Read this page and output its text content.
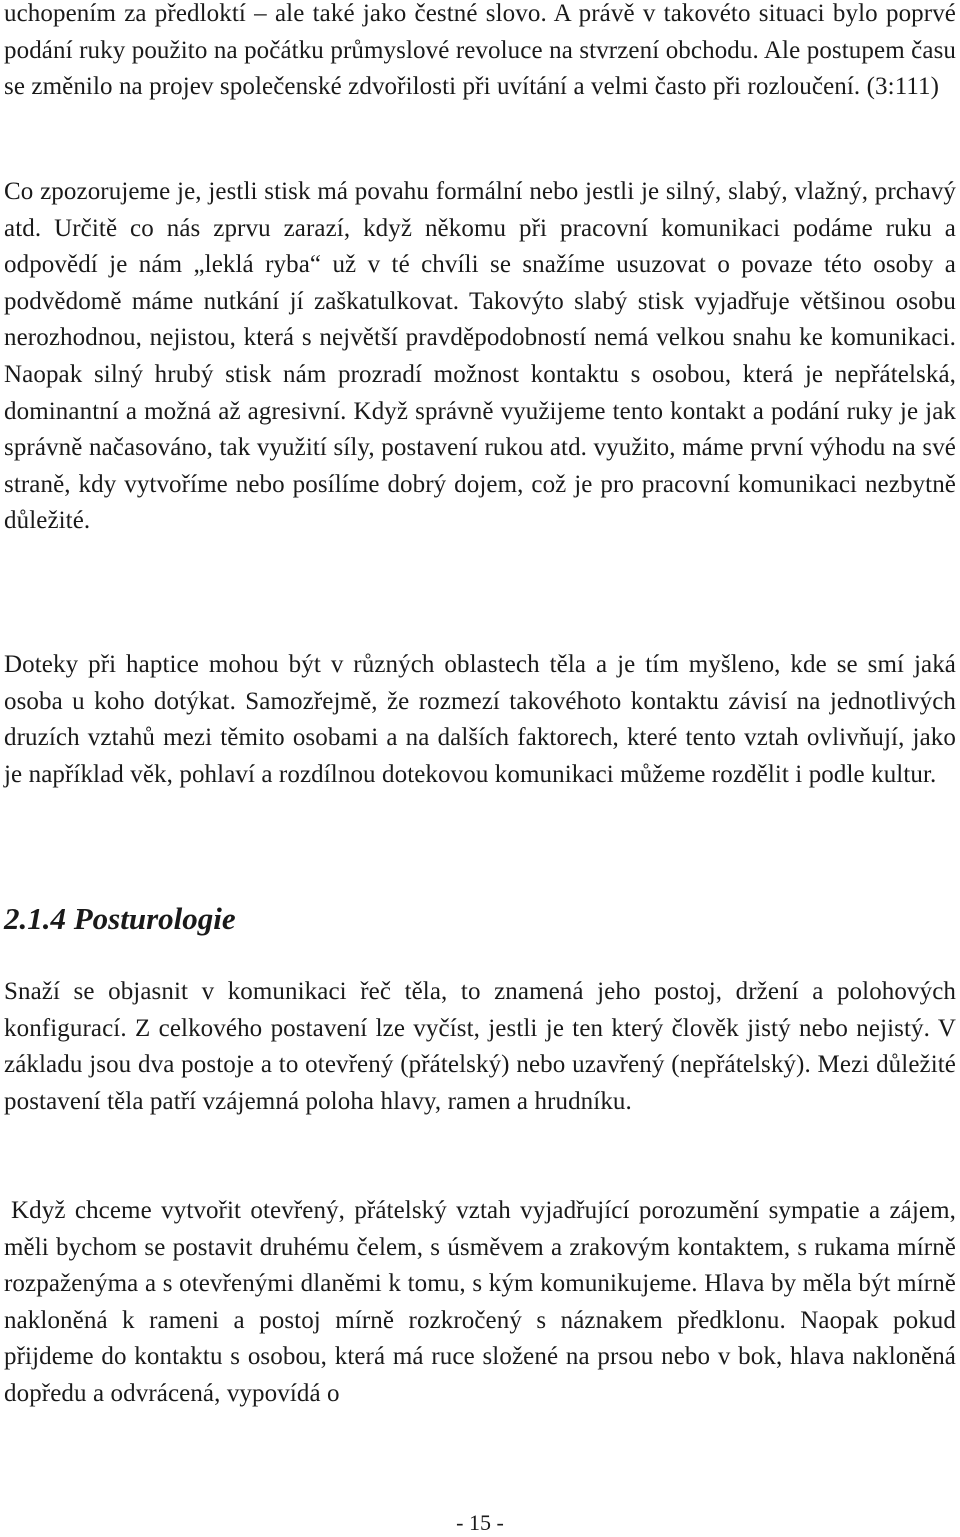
uchopením za předloktí – ale také jako čestné slovo. A právě v takovéto situaci bylo poprvé podání ruky použito na počátku průmyslové revoluce na stvrzení obchodu. Ale postupem času se změnilo na projev společenské zdvořilosti při uvítání a velmi často při rozloučení. (3:111)

Co zpozorujeme je, jestli stisk má povahu formální nebo jestli je silný, slabý, vlažný, prchavý atd. Určitě co nás zprvu zarazí, když někomu při pracovní komunikaci podáme ruku a odpovědí je nám „leklá ryba“ už v té chvíli se snažíme usuzovat o povaze této osoby a podvědomě máme nutkání jí zaškatulkovat. Takovýto slabý stisk vyjadřuje většinou osobu nerozhodnou, nejistou, která s největší pravděpodobností nemá velkou snahu ke komunikaci. Naopak silný hrubý stisk nám prozradí možnost kontaktu s osobou, která je nepřátelská, dominantní a možná až agresivní. Když správně využijeme tento kontakt a podání ruky je jak správně načasováno, tak využití síly, postavení rukou atd. využito, máme první výhodu na své straně, kdy vytvoříme nebo posílíme dobrý dojem, což je pro pracovní komunikaci nezbytně důležité.

Doteky při haptice mohou být v různých oblastech těla a je tím myšleno, kde se smí jaká osoba u koho dotýkat. Samozřejmě, že rozmezí takovéhoto kontaktu závisí na jednotlivých druzích vztahů mezi těmito osobami a na dalších faktorech, které tento vztah ovlivňují, jako je například věk, pohlaví a rozdílnou dotekovou komunikaci můžeme rozdělit i podle kultur.

2.1.4 Posturologie

Snaží se objasnit v komunikaci řeč těla, to znamená jeho postoj, držení a polohových konfigurací. Z celkového postavení lze vyčíst, jestli je ten který člověk jistý nebo nejistý. V základu jsou dva postoje a to otevřený (přátelský) nebo uzavřený (nepřátelský). Mezi důležité postavení těla patří vzájemná poloha hlavy, ramen a hrudníku.

Když chceme vytvořit otevřený, přátelský vztah vyjadřující porozumění sympatie a zájem, měli bychom se postavit druhému čelem, s úsměvem a zrakovým kontaktem, s rukama mírně rozpaženýma a s otevřenými dlaněmi k tomu, s kým komunikujeme. Hlava by měla být mírně nakloněná k rameni a postoj mírně rozkročený s náznakem předklonu. Naopak pokud přijdeme do kontaktu s osobou, která má ruce složené na prsou nebo v bok, hlava nakloněná dopředu a odvrácená, vypovídá o

- 15 -
